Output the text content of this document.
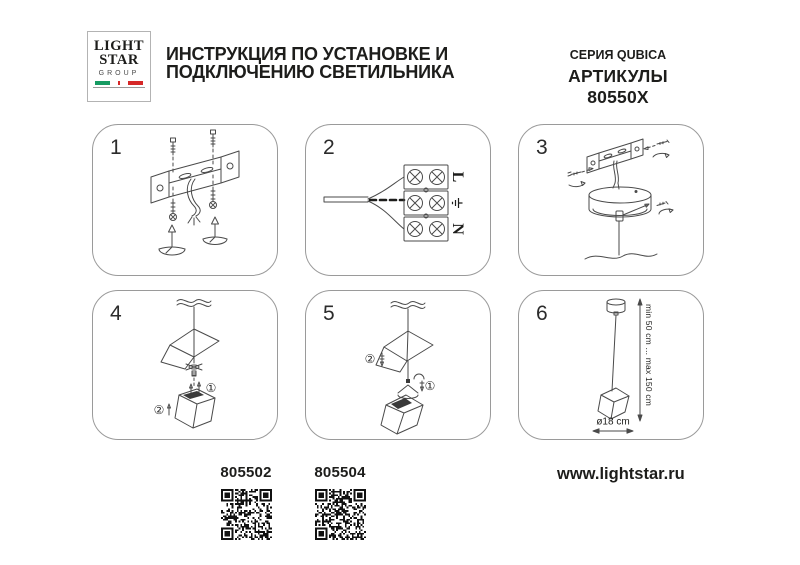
LIGHT
STAR
GROUP
ИНСТРУКЦИЯ ПО УСТАНОВКЕ И
ПОДКЛЮЧЕНИЮ СВЕТИЛЬНИКА
СЕРИЯ QUBICA
АРТИКУЛЫ 80550X
1	2
L
N
3
4
①
②
5
①
②
6	min 50 cm ... max 150 cm
ø18 cm
805502	805504	www.lightstar.ru
